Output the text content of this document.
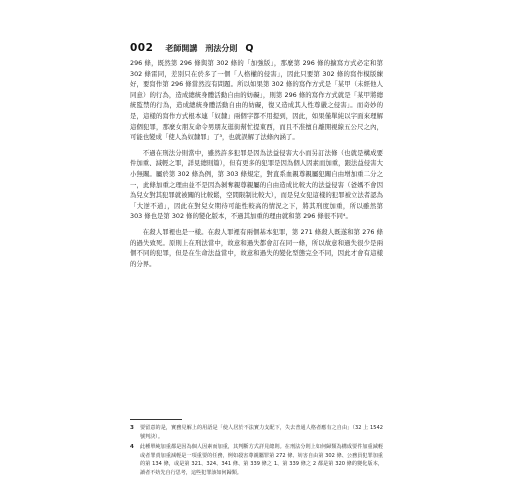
002 老師開講　刑法分則 Q

296 條，既然第 296 條與第 302 條的「加強版」，那麼第 296 條的擴寫方式必定和第 302 條雷同，差別只在於多了一個「人格權的侵害」，因此只要第 302 條的寫作模版練好，要寫作第 296 條當然沒有問題。所以如果第 302 條的寫作方式是「某甲（未經他人同意）的行為，造成總統身體活動自由的妨礙」，則第 296 條的寫作方式就是「某甲將總統監禁的行為，造成總統身體活動自由的妨礙，復又造成其人性尊嚴之侵害」。而奇妙的是，這樣的寫作方式根本連「奴隸」兩個字都不用提到，因此，如果僅單純以字面來理解這個犯罪，那麼女朋友命令男朋友逛街幫忙提東西，而且不准擅自離開視線五公尺之內，可能也變成「使人為奴隸罪」了³，也就誤解了法條內涵了。

不過在刑法分則當中，雖然許多犯罪是因為法益侵害大小而另訂法條（也就是構成要件加重、減輕之罪，詳見總則篇），但有更多的犯罪是因為個人因素而加重，跟法益侵害大小無關。屬於第 302 條為例，第 303 條規定，對直系血親尊親屬犯關自由增加重二分之一，此條加重之理由並不是因為剝奪親尊親屬的自由造成比較大的法益侵害（爸媽不會因為兒女對其犯罪就被關的比較鬆，空間限制比較大），而是兒女犯這樣的犯罪被立法者認為「大逆不道」，因此在對兒女期待可能性較高的情況之下，將其刑度加重，所以雖然第 303 條也是第 302 條的變化版本，不過其加重的理由就和第 296 條很不同⁴。

在殺人罪裡也是一樣。在殺人罪裡有兩個基本犯罪，第 271 條殺人既遂和第 276 條的過失致死。原則上在刑法當中，故意和過失都會訂在同一條，所以故意和過失很少是兩個不同的犯罪，但是在生命法益當中，故意和過失的變化型態完全不同，因此才會有這樣的分界。

3	要留意的是，實務見解上的用語是「使人居於不法實力支配下，失去普通人格者應有之自由」（32 上 1542 號判決）。
4	此種單純加重都是因為個人因素而加重，其判斷方式詳見總則。在刑法分則上如何歸類為構成要件加重減輕或者罪責加重減輕是一項重要的任務，例如殺害尊親屬罪第 272 條、妨害自由第 302 條、公務員犯罪加重的第 134 條，或是第 321、324、341 條、第 339 條之 1、第 339 條之 2 都是第 320 條的變化版本，讀者不妨先自行思考，這些犯罪該如何歸類。
